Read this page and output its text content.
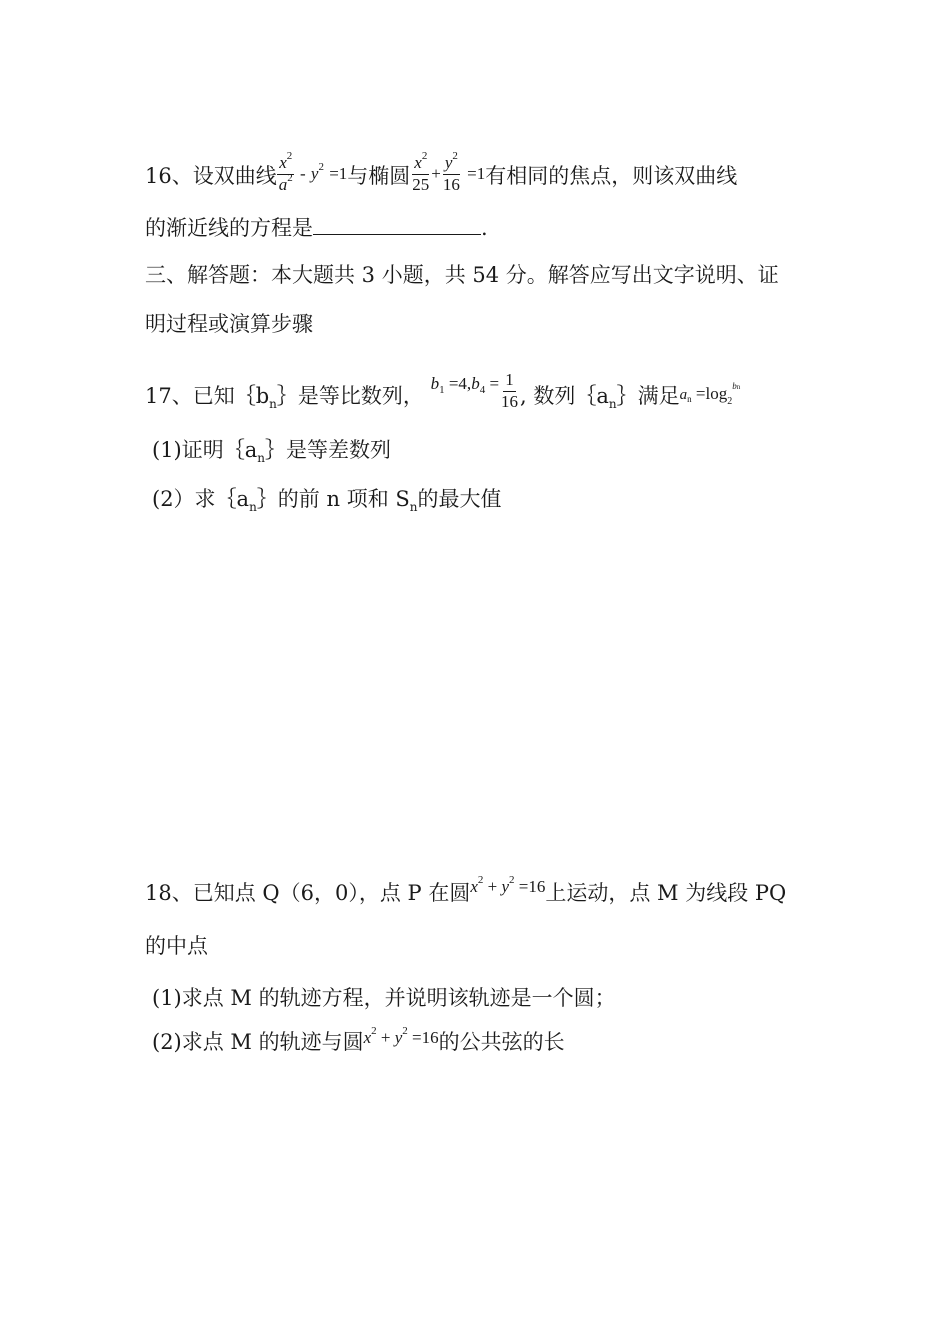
16、设双曲线 $\frac{x^2}{a^2} - y^2 =1$与椭圆 $\frac{x^2}{25} + \frac{y^2}{16} =1$有相同的焦点，则该双曲线
的渐近线的方程是	.
三、解答题：本大题共 3 小题，共 54 分。解答应写出文字说明、证
明过程或演算步骤
17、已知$\{b_n\}$是等比数列， $b_1 =4,b_4 = \frac{1}{16}$ , 数列$\{a_n\}$满足an $=\log_2^{bn}$
(1)证明$\{a_n\}$是等差数列
(2）求$\{a_n\}$的前 n 项和 $S_n$的最大值
18、已知点 Q（6，0），点 P 在圆$x^2 + y^2 =16$上运动，点 M 为线段 PQ
的中点
(1)求点 M 的轨迹方程，并说明该轨迹是一个圆；
(2)求点 M 的轨迹与圆$x^2 + y^2 =16$的公共弦的长
